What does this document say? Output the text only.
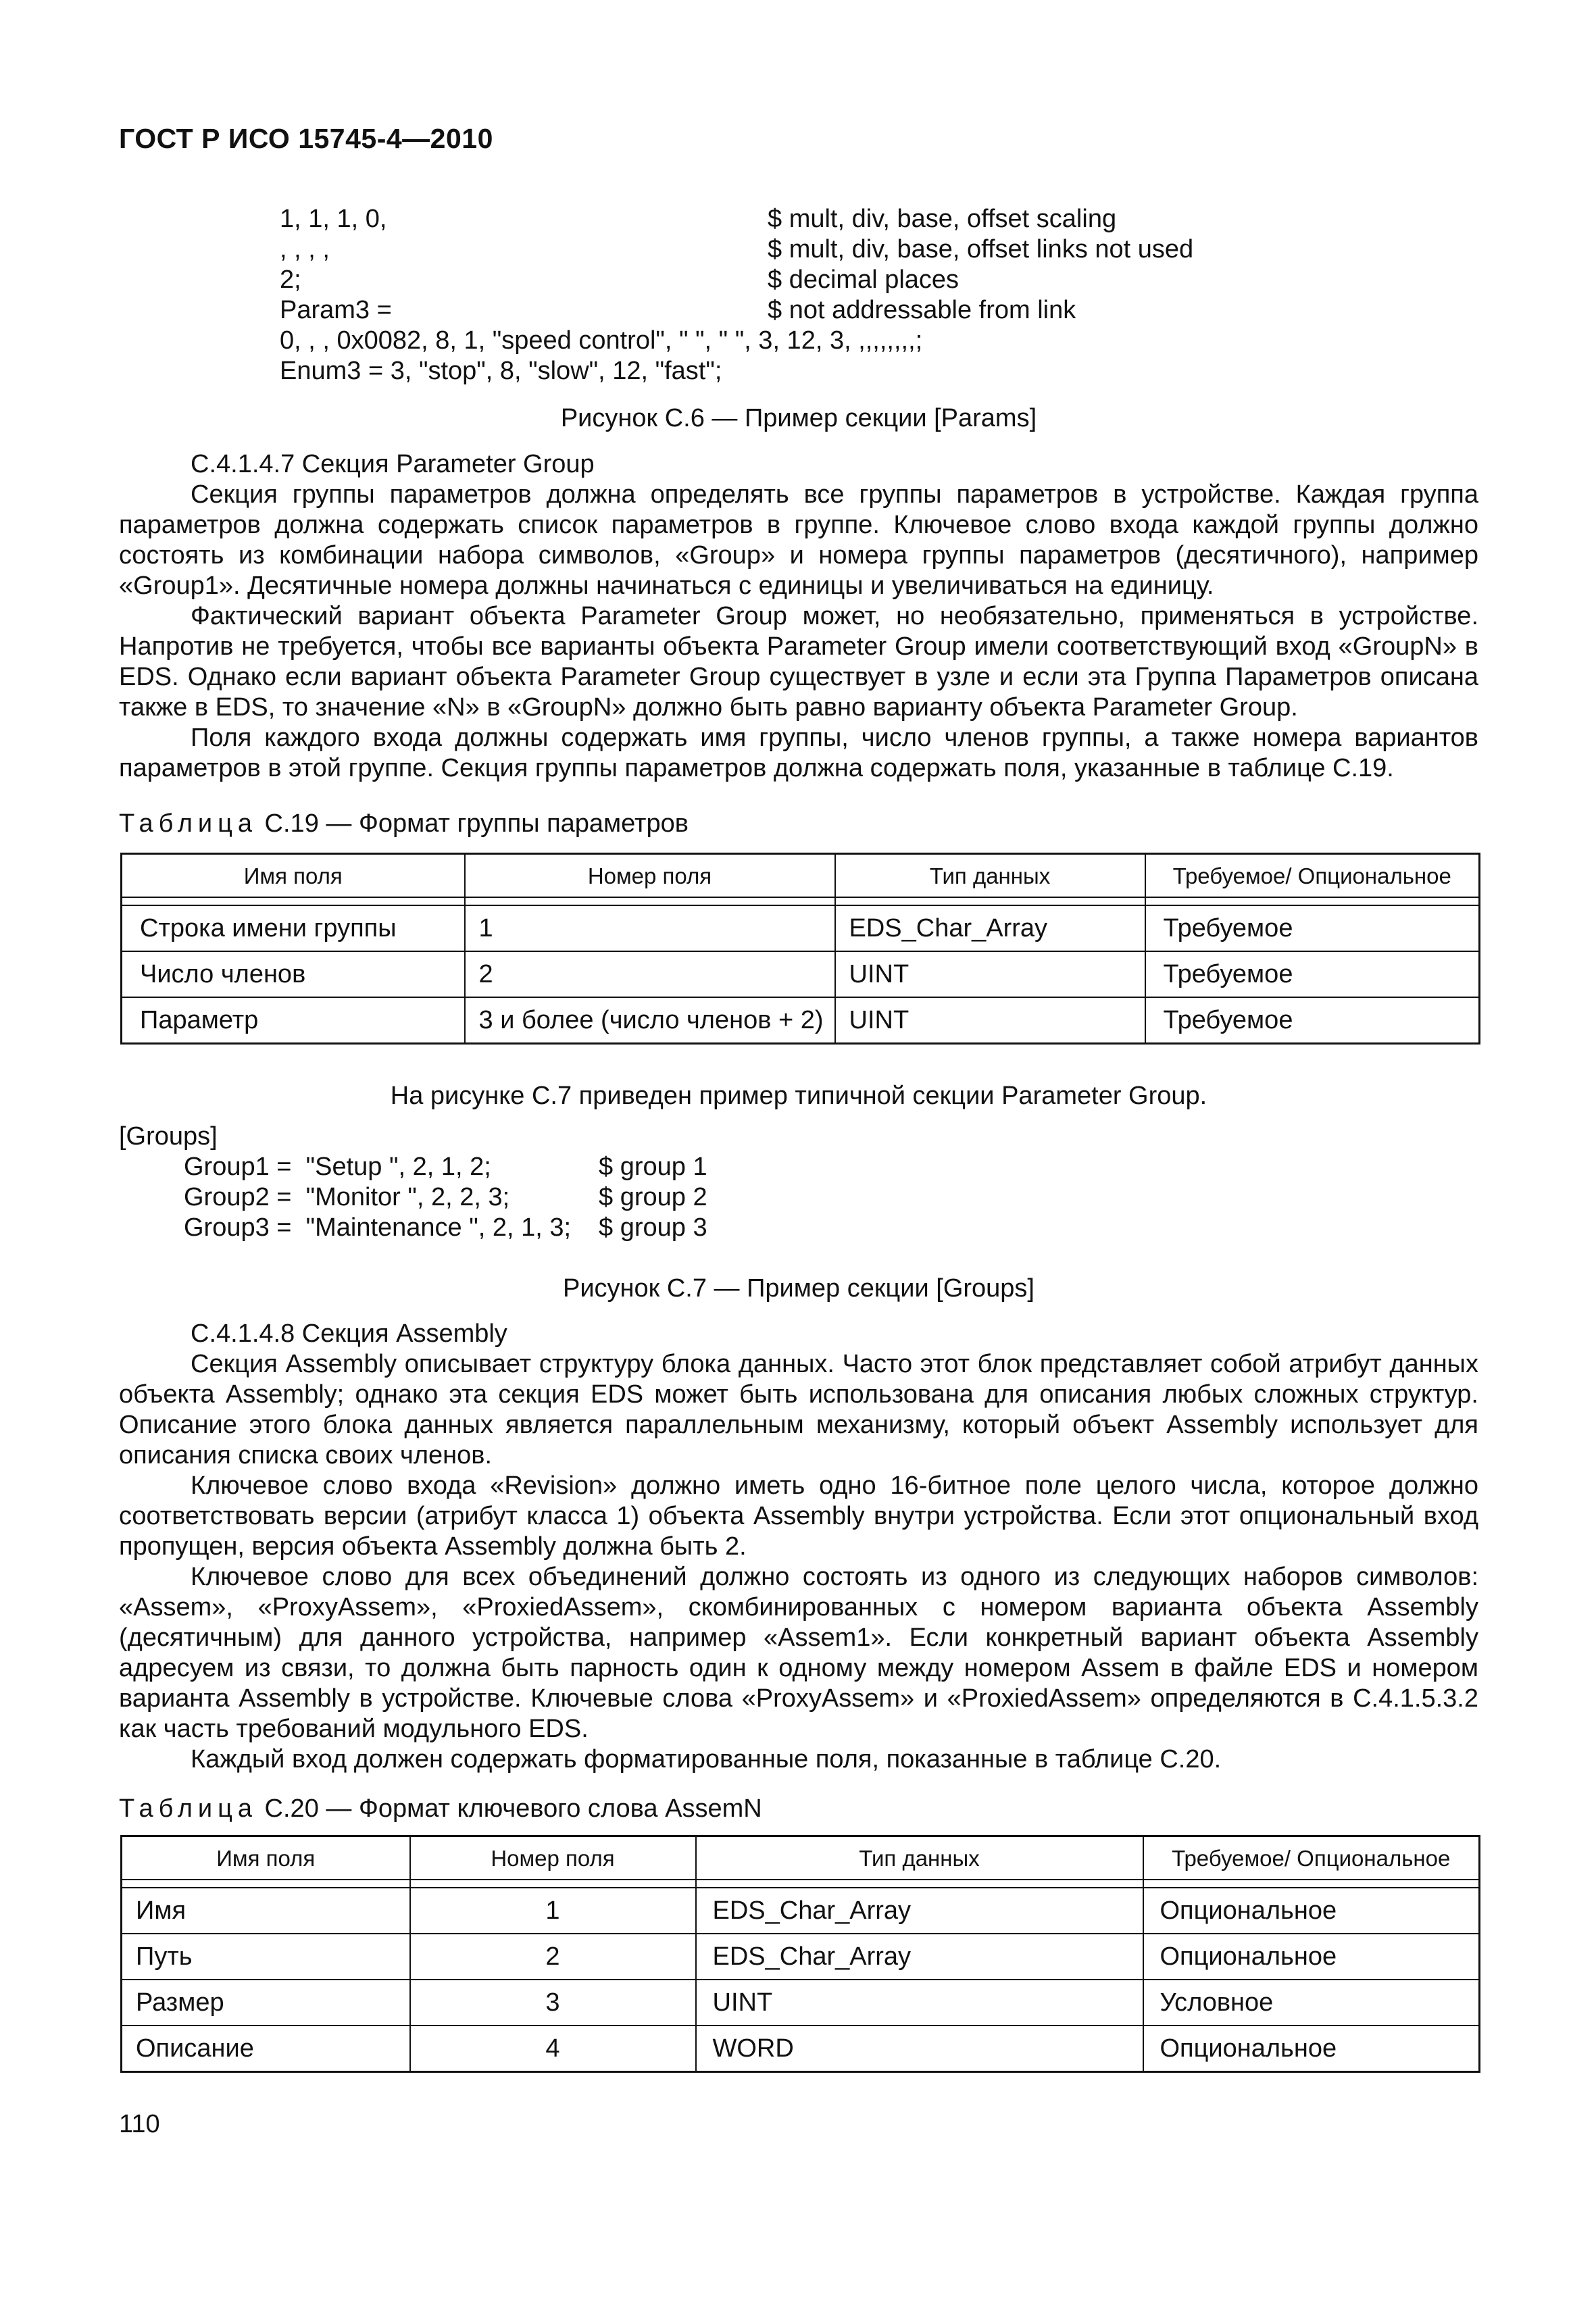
ГОСТ Р ИСО 15745-4—2010
1, 1, 1, 0,	$ mult, div, base, offset scaling
, , , ,	$ mult, div, base, offset links not used
2;	$ decimal places
Param3 =	$ not addressable from link
0, , , 0x0082, 8, 1, "speed control", " ", " ", 3, 12, 3, ,,,,,,,,;
Enum3 = 3, "stop", 8, "slow", 12, "fast";
Рисунок С.6 — Пример секции [Params]
С.4.1.4.7 Секция Parameter Group

Секция группы параметров должна определять все группы параметров в устройстве. Каждая группа параметров должна содержать список параметров в группе. Ключевое слово входа каждой группы должно состоять из комбинации набора символов, «Group» и номера группы параметров (десятичного), например «Group1». Десятичные номера должны начинаться с единицы и увеличиваться на единицу.

Фактический вариант объекта Parameter Group может, но необязательно, применяться в устройстве. Напротив не требуется, чтобы все варианты объекта Parameter Group имели соответствующий вход «GroupN» в EDS. Однако если вариант объекта Parameter Group существует в узле и если эта Группа Параметров описана также в EDS, то значение «N» в «GroupN» должно быть равно варианту объекта Parameter Group.

Поля каждого входа должны содержать имя группы, число членов группы, а также номера вариантов параметров в этой группе. Секция группы параметров должна содержать поля, указанные в таблице С.19.

Таблица С.19 — Формат группы параметров
Имя поля	Номер поля	Тип данных	Требуемое/ Опциональное

Строка имени группы	1	EDS_Char_Array	Требуемое
Число членов	2	UINT	Требуемое
Параметр	3 и более (число членов + 2)	UINT	Требуемое
На рисунке С.7 приведен пример типичной секции Parameter Group.
[Groups]
Group1 =  "Setup ", 2, 1, 2;	$ group 1
Group2 =  "Monitor ", 2, 2, 3;	$ group 2
Group3 =  "Maintenance ", 2, 1, 3; $ group 3
Рисунок С.7 — Пример секции [Groups]
С.4.1.4.8 Секция Assembly

Секция Assembly описывает структуру блока данных. Часто этот блок представляет собой атрибут данных объекта Assembly; однако эта секция EDS может быть использована для описания любых сложных структур. Описание этого блока данных является параллельным механизму, который объект Assembly использует для описания списка своих членов.

Ключевое слово входа «Revision» должно иметь одно 16-битное поле целого числа, которое должно соответствовать версии (атрибут класса 1) объекта Assembly внутри устройства. Если этот опциональный вход пропущен, версия объекта Assembly должна быть 2.

Ключевое слово для всех объединений должно состоять из одного из следующих наборов символов: «Assem», «ProxyAssem», «ProxiedAssem», скомбинированных с номером варианта объекта Assembly (десятичным) для данного устройства, например «Assem1». Если конкретный вариант объекта Assembly адресуем из связи, то должна быть парность один к одному между номером Assem в файле EDS и номером варианта Assembly в устройстве. Ключевые слова «ProxyAssem» и «ProxiedAssem» определяются в С.4.1.5.3.2 как часть требований модульного EDS.

Каждый вход должен содержать форматированные поля, показанные в таблице С.20.

Таблица С.20 — Формат ключевого слова AssemN
Имя поля	Номер поля	Тип данных	Требуемое/ Опциональное

Имя	1	EDS_Char_Array	Опциональное
Путь	2	EDS_Char_Array	Опциональное
Размер	3	UINT	Условное
Описание	4	WORD	Опциональное
110
